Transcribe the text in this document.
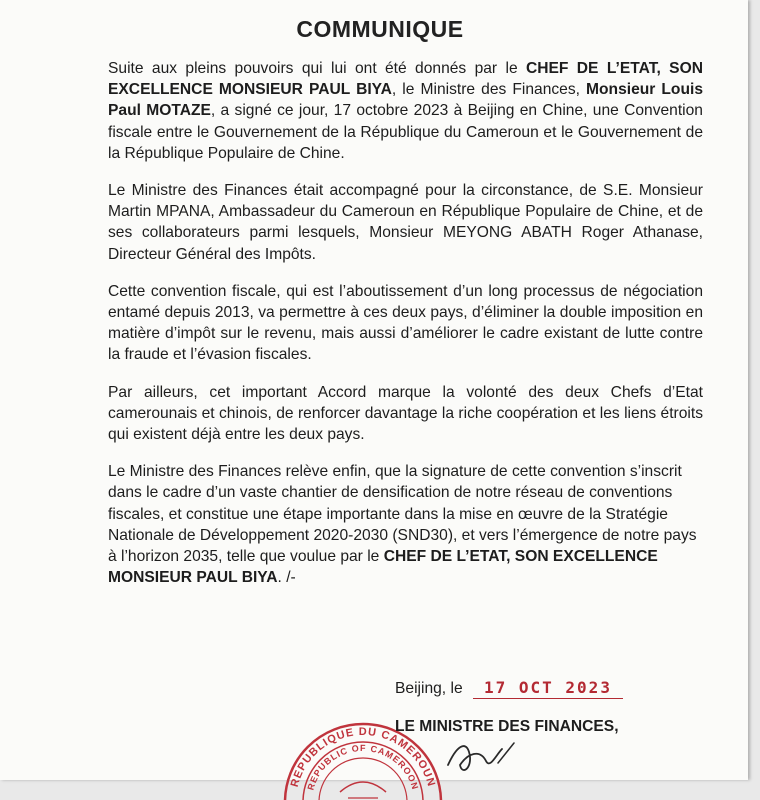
COMMUNIQUE

Suite aux pleins pouvoirs qui lui ont été donnés par le CHEF DE L’ETAT, SON EXCELLENCE MONSIEUR PAUL BIYA, le Ministre des Finances, Monsieur Louis Paul MOTAZE, a signé ce jour, 17 octobre 2023 à Beijing en Chine, une Convention fiscale entre le Gouvernement de la République du Cameroun et le Gouvernement de la République Populaire de Chine.

Le Ministre des Finances était accompagné pour la circonstance, de S.E. Monsieur Martin MPANA, Ambassadeur du Cameroun en République Populaire de Chine, et de ses collaborateurs parmi lesquels, Monsieur MEYONG ABATH Roger Athanase, Directeur Général des Impôts.

Cette convention fiscale, qui est l’aboutissement d’un long processus de négociation entamé depuis 2013, va permettre à ces deux pays, d’éliminer la double imposition en matière d’impôt sur le revenu, mais aussi d’améliorer le cadre existant de lutte contre la fraude et l’évasion fiscales.

Par ailleurs, cet important Accord marque la volonté des deux Chefs d’Etat camerounais et chinois, de renforcer davantage la riche coopération et les liens étroits qui existent déjà entre les deux pays.

Le Ministre des Finances relève enfin, que la signature de cette convention s’inscrit dans le cadre d’un vaste chantier de densification de notre réseau de conventions fiscales, et constitue une étape importante dans la mise en œuvre de la Stratégie Nationale de Développement 2020-2030 (SND30), et vers l’émergence de notre pays à l’horizon 2035, telle que voulue par le CHEF DE L’ETAT, SON EXCELLENCE MONSIEUR PAUL BIYA. /-

Beijing, le 17 OCT 2023
REPUBLIQUE DU CAMEROUN
REPUBLIC OF CAMEROON
LE MINISTRE DES FINANCES,
